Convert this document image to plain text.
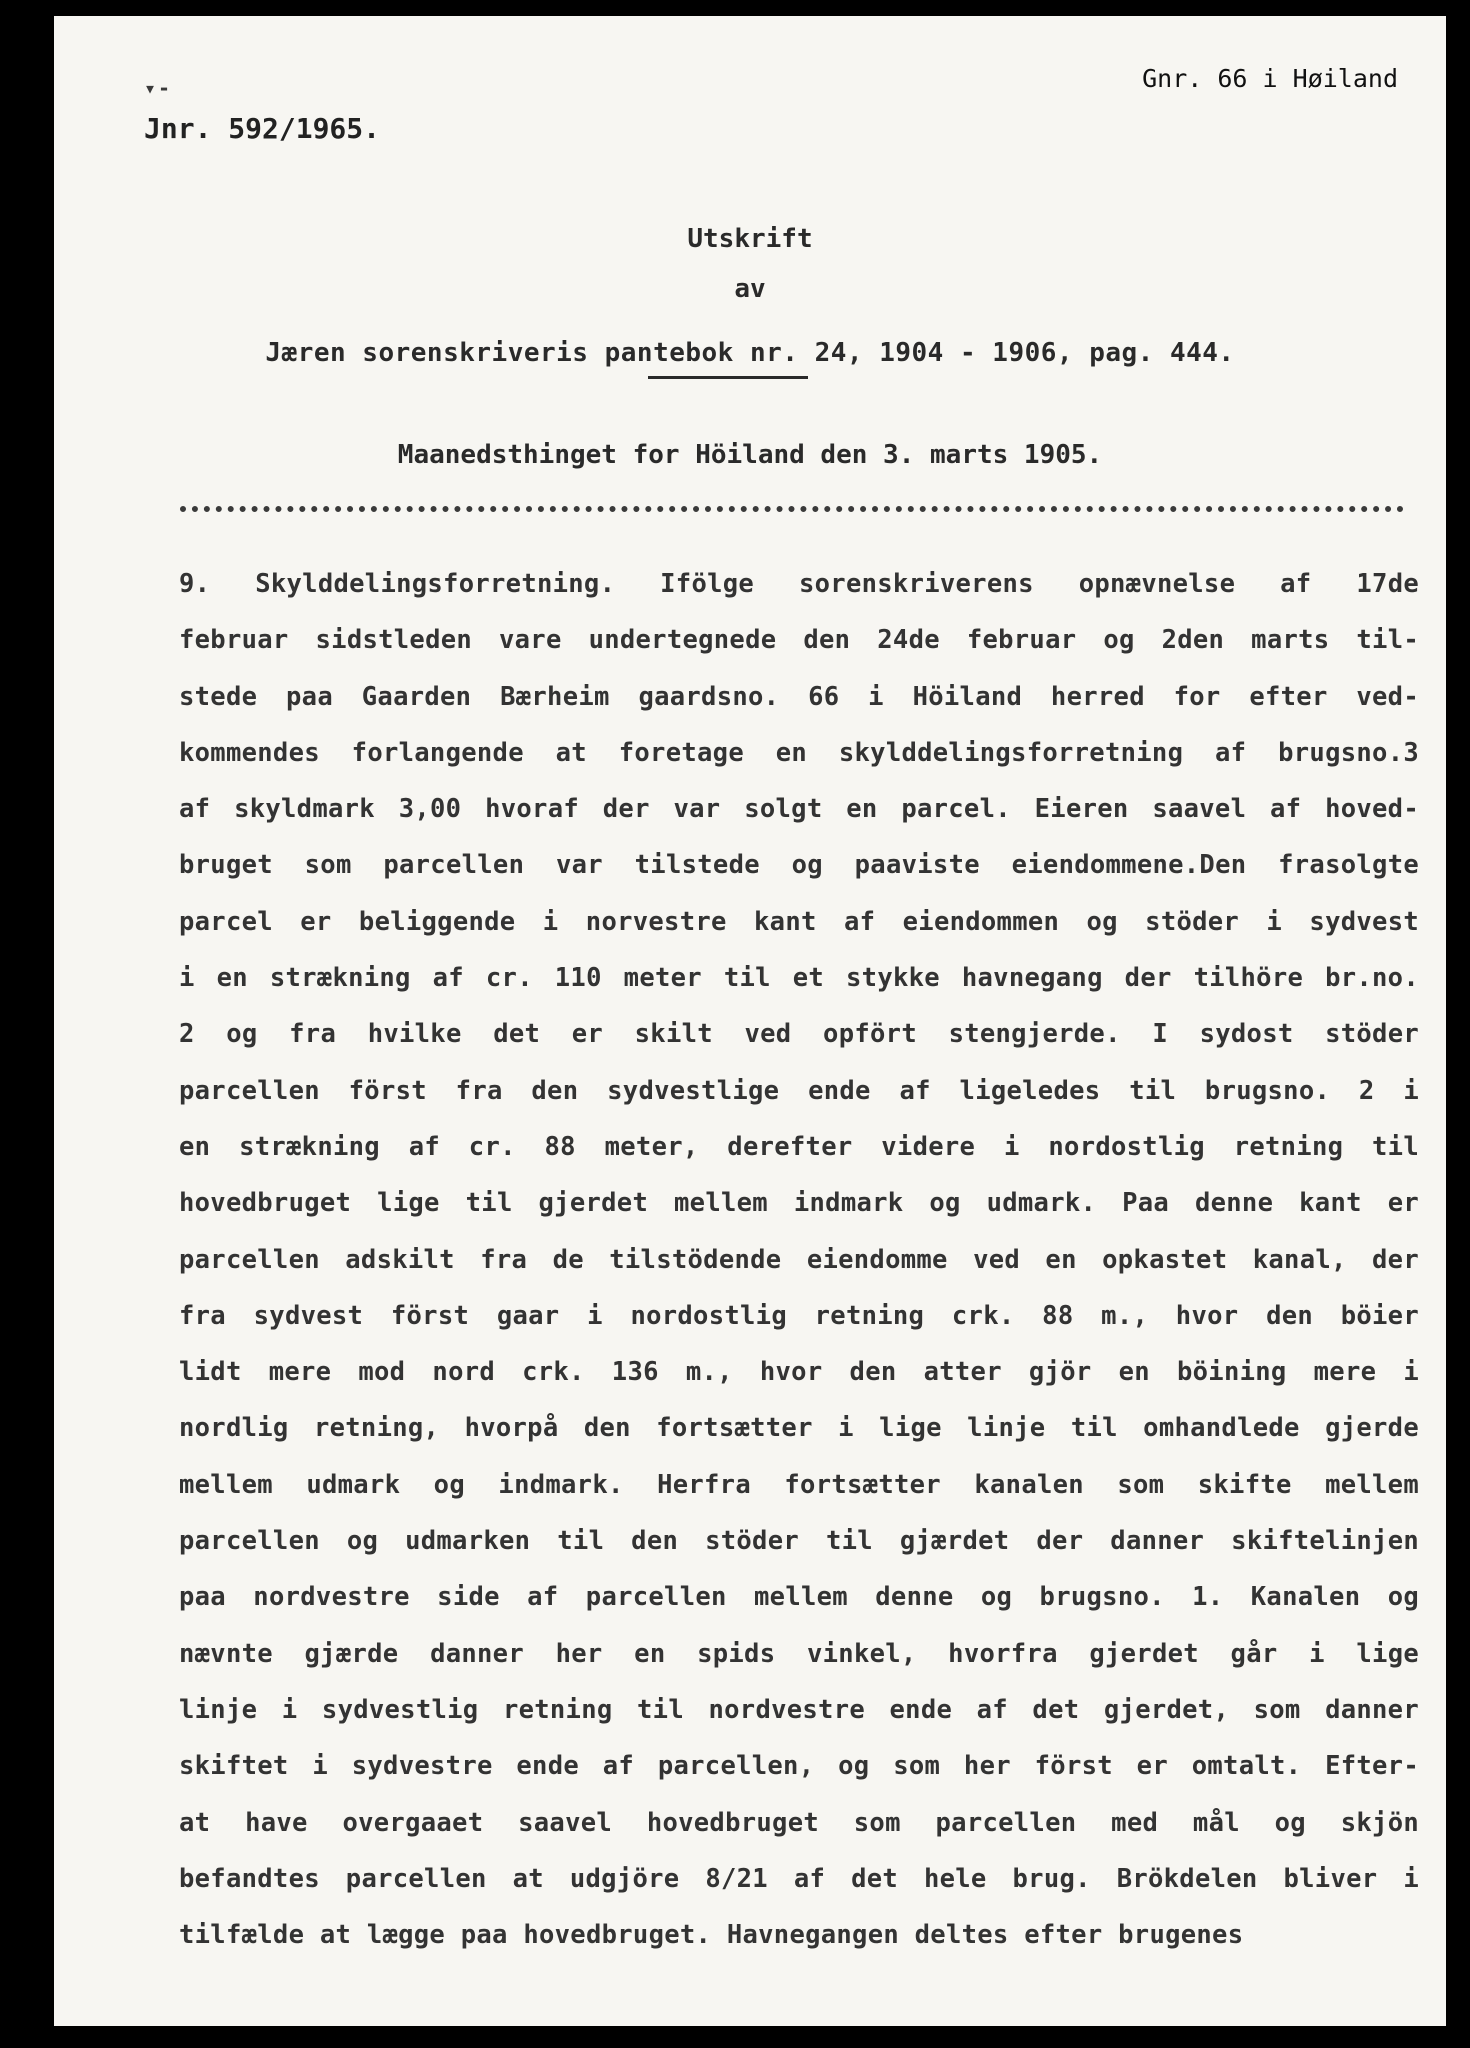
▾-	Gnr. 66 i Høiland
Jnr. 592/1965.
Utskrift
av
Jæren sorenskriveris pantebok nr. 24, 1904 - 1906, pag. 444.
Maanedsthinget for Höiland den 3. marts 1905.
9. Skylddelingsforretning. Ifölge sorenskriverens opnævnelse af 17de
februar sidstleden vare undertegnede den 24de februar og 2den marts til-
stede paa Gaarden Bærheim gaardsno. 66 i Höiland herred for efter ved-
kommendes forlangende at foretage en skylddelingsforretning af brugsno.3
af skyldmark 3,00 hvoraf der var solgt en parcel. Eieren saavel af hoved-
bruget som parcellen var tilstede og paaviste eiendommene.Den frasolgte
parcel er beliggende i norvestre kant af eiendommen og stöder i sydvest
i en strækning af cr. 110 meter til et stykke havnegang der tilhöre br.no.
2 og fra hvilke det er skilt ved opfört stengjerde. I sydost stöder
parcellen först fra den sydvestlige ende af ligeledes til brugsno. 2 i
en strækning af cr. 88 meter, derefter videre i nordostlig retning til
hovedbruget lige til gjerdet mellem indmark og udmark. Paa denne kant er
parcellen adskilt fra de tilstödende eiendomme ved en opkastet kanal, der
fra sydvest först gaar i nordostlig retning crk. 88 m., hvor den böier
lidt mere mod nord crk. 136 m., hvor den atter gjör en böining mere i
nordlig retning, hvorpå den fortsætter i lige linje til omhandlede gjerde
mellem udmark og indmark. Herfra fortsætter kanalen som skifte mellem
parcellen og udmarken til den stöder til gjærdet der danner skiftelinjen
paa nordvestre side af parcellen mellem denne og brugsno. 1. Kanalen og
nævnte gjærde danner her en spids vinkel, hvorfra gjerdet går i lige
linje i sydvestlig retning til nordvestre ende af det gjerdet, som danner
skiftet i sydvestre ende af parcellen, og som her först er omtalt. Efter-
at have overgaaet saavel hovedbruget som parcellen med mål og skjön
befandtes parcellen at udgjöre 8/21 af det hele brug. Brökdelen bliver i
tilfælde at lægge paa hovedbruget. Havnegangen deltes efter brugenes
